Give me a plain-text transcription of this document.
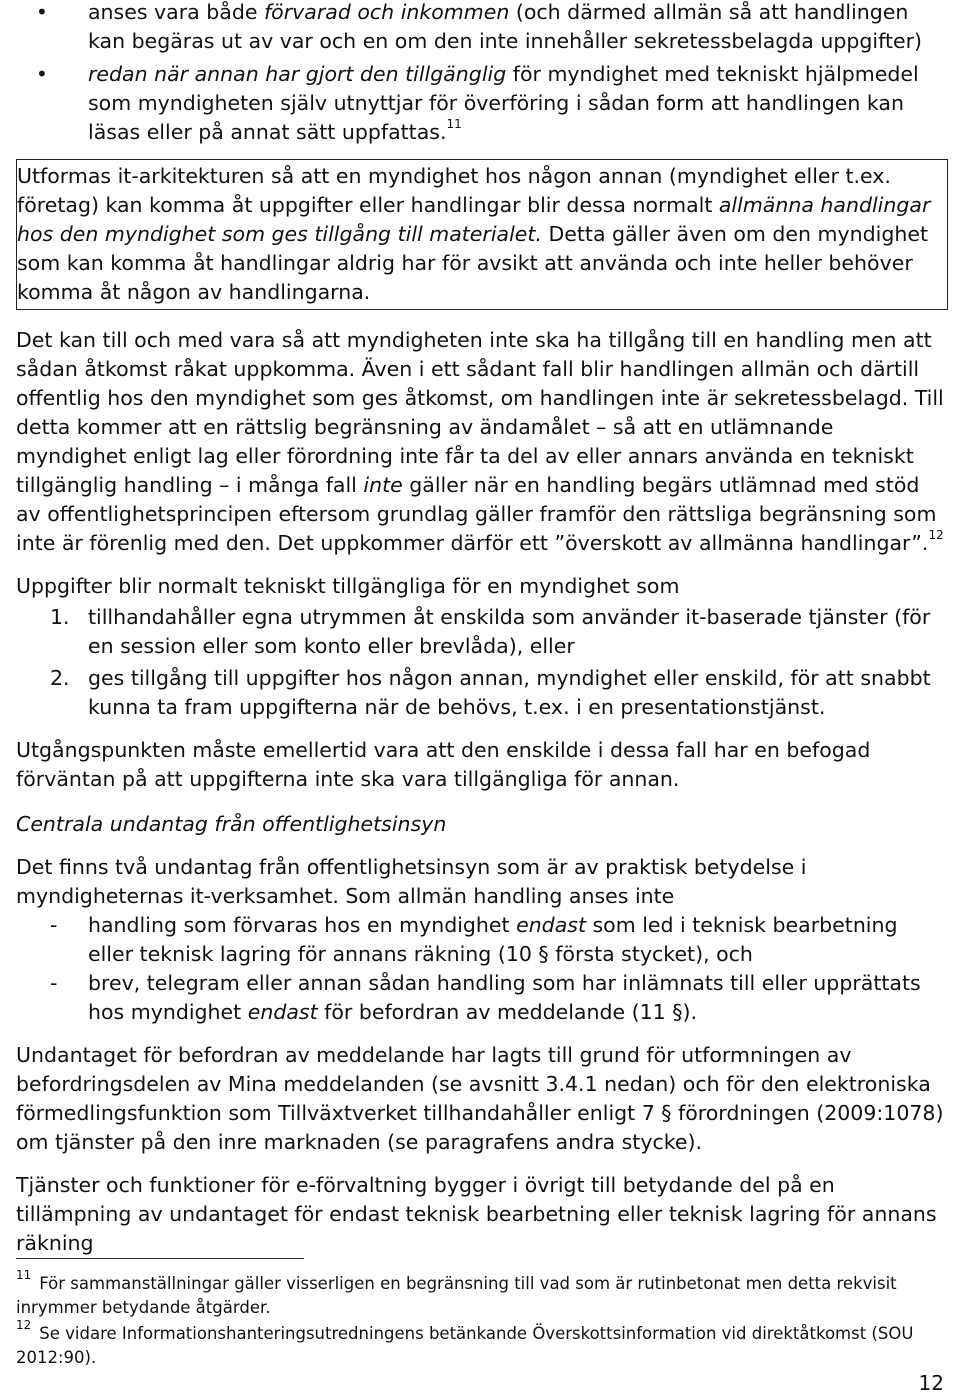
• anses vara både förvarad och inkommen (och därmed allmän så att handlingen kan begäras ut av var och en om den inte innehåller sekretessbelagda uppgifter)
• redan när annan har gjort den tillgänglig för myndighet med tekniskt hjälpmedel som myndigheten själv utnyttjar för överföring i sådan form att handlingen kan läsas eller på annat sätt uppfattas.$^{11}$
Utformas it-arkitekturen så att en myndighet hos någon annan (myndighet eller t.ex. företag) kan komma åt uppgifter eller handlingar blir dessa normalt allmänna handlingar hos den myndighet som ges tillgång till materialet. Detta gäller även om den myndighet som kan komma åt handlingar aldrig har för avsikt att använda och inte heller behöver komma åt någon av handlingarna.

Det kan till och med vara så att myndigheten inte ska ha tillgång till en handling men att sådan åtkomst råkat uppkomma. Även i ett sådant fall blir handlingen allmän och därtill offentlig hos den myndighet som ges åtkomst, om handlingen inte är sekretessbelagd. Till detta kommer att en rättslig begränsning av ändamålet – så att en utlämnande myndighet enligt lag eller förordning inte får ta del av eller annars använda en tekniskt tillgänglig handling – i många fall inte gäller när en handling begärs utlämnad med stöd av offentlighetsprincipen eftersom grundlag gäller framför den rättsliga begränsning som inte är förenlig med den. Det uppkommer därför ett ”överskott av allmänna handlingar”.$^{12}$

Uppgifter blir normalt tekniskt tillgängliga för en myndighet som

1. tillhandahåller egna utrymmen åt enskilda som använder it-baserade tjänster (för en session eller som konto eller brevlåda), eller
2. ges tillgång till uppgifter hos någon annan, myndighet eller enskild, för att snabbt kunna ta fram uppgifterna när de behövs, t.ex. i en presentationstjänst.

Utgångspunkten måste emellertid vara att den enskilde i dessa fall har en befogad förväntan på att uppgifterna inte ska vara tillgängliga för annan.

Centrala undantag från offentlighetsinsyn

Det finns två undantag från offentlighetsinsyn som är av praktisk betydelse i myndigheternas it-verksamhet. Som allmän handling anses inte

- handling som förvaras hos en myndighet endast som led i teknisk bearbetning eller teknisk lagring för annans räkning (10 § första stycket), och
- brev, telegram eller annan sådan handling som har inlämnats till eller upprättats hos myndighet endast för befordran av meddelande (11 §).

Undantaget för befordran av meddelande har lagts till grund för utformningen av befordringsdelen av Mina meddelanden (se avsnitt 3.4.1 nedan) och för den elektroniska förmedlingsfunktion som Tillväxtverket tillhandahåller enligt 7 § förordningen (2009:1078) om tjänster på den inre marknaden (se paragrafens andra stycke).

Tjänster och funktioner för e-förvaltning bygger i övrigt till betydande del på en tillämpning av undantaget för endast teknisk bearbetning eller teknisk lagring för annans räkning

$^{11}$ För sammanställningar gäller visserligen en begränsning till vad som är rutinbetonat men detta rekvisit inrymmer betydande åtgärder.

$^{12}$ Se vidare Informationshanteringsutredningens betänkande Överskottsinformation vid direktåtkomst (SOU 2012:90).

12
